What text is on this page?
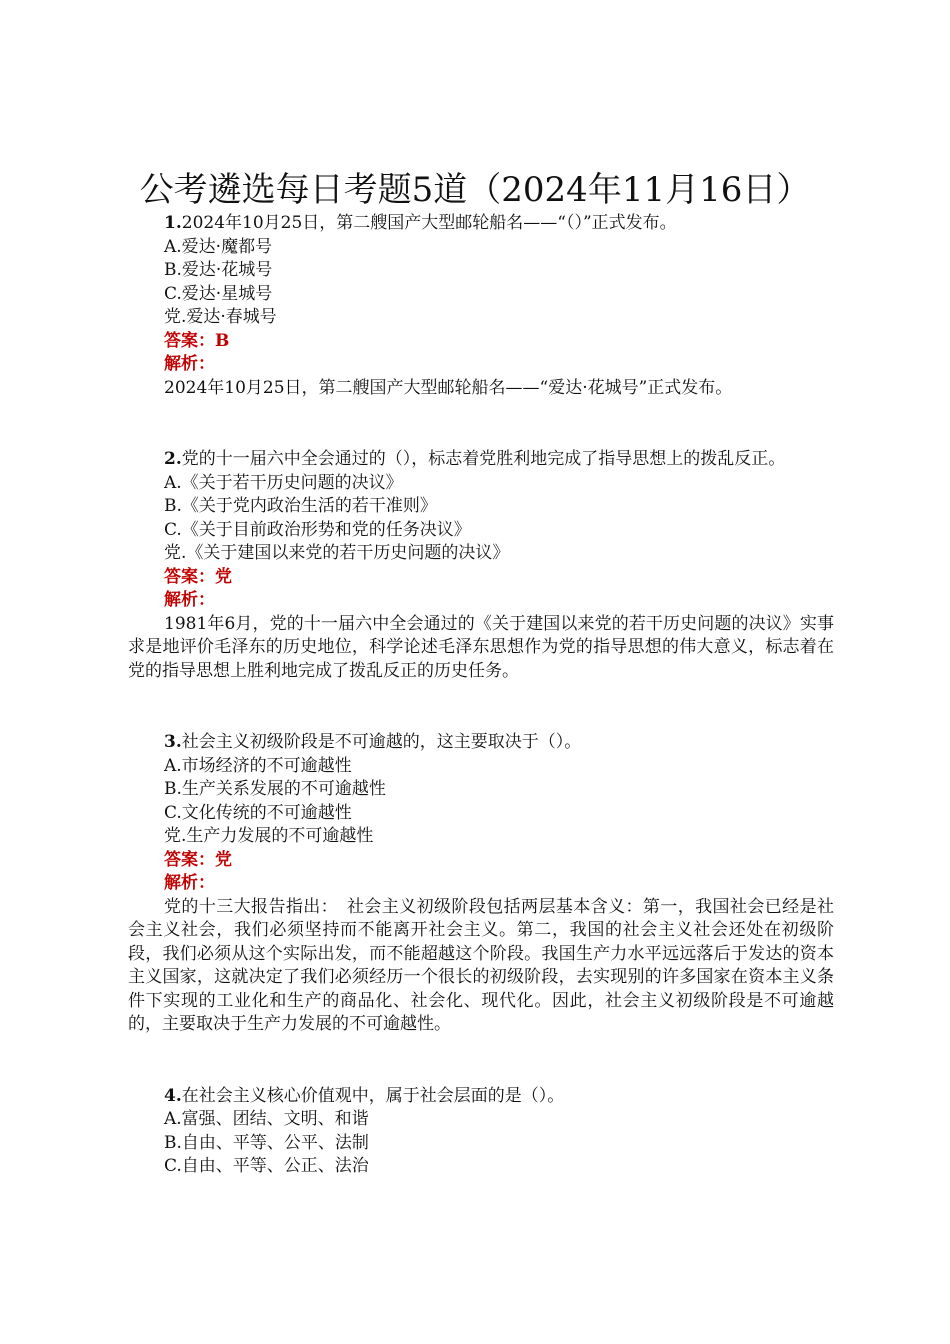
公考遴选每日考题5道（2024年11月16日）
1.2024年10月25日，第二艘国产大型邮轮船名——“（）”正式发布。
A.爱达·魔都号
B.爱达·花城号
C.爱达·星城号
党.爱达·春城号
答案：B
解析：
2024年10月25日，第二艘国产大型邮轮船名——“爱达·花城号”正式发布。
2.党的十一届六中全会通过的（），标志着党胜利地完成了指导思想上的拨乱反正。
A.《关于若干历史问题的决议》
B.《关于党内政治生活的若干准则》
C.《关于目前政治形势和党的任务决议》
党.《关于建国以来党的若干历史问题的决议》
答案：党
解析：
1981年6月，党的十一届六中全会通过的《关于建国以来党的若干历史问题的决议》实事求是地评价毛泽东的历史地位，科学论述毛泽东思想作为党的指导思想的伟大意义，标志着在党的指导思想上胜利地完成了拨乱反正的历史任务。
3.社会主义初级阶段是不可逾越的，这主要取决于（）。
A.市场经济的不可逾越性
B.生产关系发展的不可逾越性
C.文化传统的不可逾越性
党.生产力发展的不可逾越性
答案：党
解析：
党的十三大报告指出：　社会主义初级阶段包括两层基本含义：第一，我国社会已经是社会主义社会，我们必须坚持而不能离开社会主义。第二，我国的社会主义社会还处在初级阶段，我们必须从这个实际出发，而不能超越这个阶段。我国生产力水平远远落后于发达的资本主义国家，这就决定了我们必须经历一个很长的初级阶段，去实现别的许多国家在资本主义条件下实现的工业化和生产的商品化、社会化、现代化。因此，社会主义初级阶段是不可逾越的，主要取决于生产力发展的不可逾越性。
4.在社会主义核心价值观中，属于社会层面的是（）。
A.富强、团结、文明、和谐
B.自由、平等、公平、法制
C.自由、平等、公正、法治
